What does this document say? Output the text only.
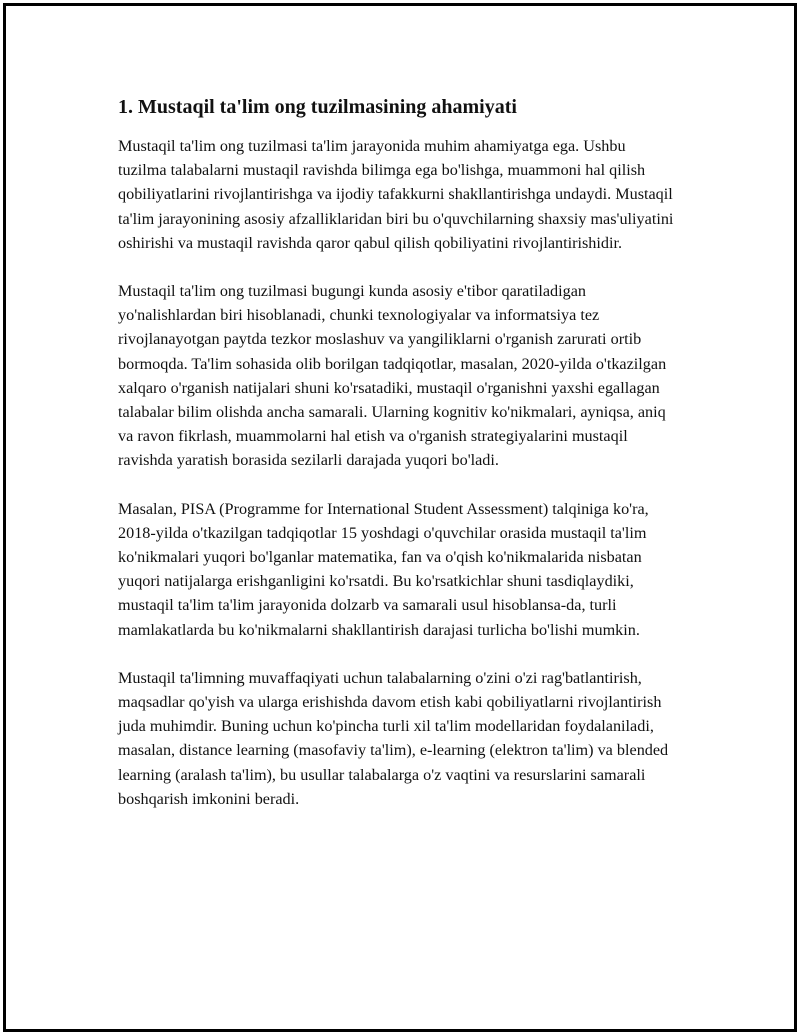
1. Mustaqil ta'lim ong tuzilmasining ahamiyati

Mustaqil ta'lim ong tuzilmasi ta'lim jarayonida muhim ahamiyatga ega. Ushbu tuzilma talabalarni mustaqil ravishda bilimga ega bo'lishga, muammoni hal qilish qobiliyatlarini rivojlantirishga va ijodiy tafakkurni shakllantirishga undaydi. Mustaqil ta'lim jarayonining asosiy afzalliklaridan biri bu o'quvchilarning shaxsiy mas'uliyatini oshirishi va mustaqil ravishda qaror qabul qilish qobiliyatini rivojlantirishidir.

Mustaqil ta'lim ong tuzilmasi bugungi kunda asosiy e'tibor qaratiladigan yo'nalishlardan biri hisoblanadi, chunki texnologiyalar va informatsiya tez rivojlanayotgan paytda tezkor moslashuv va yangiliklarni o'rganish zarurati ortib bormoqda. Ta'lim sohasida olib borilgan tadqiqotlar, masalan, 2020-yilda o'tkazilgan xalqaro o'rganish natijalari shuni ko'rsatadiki, mustaqil o'rganishni yaxshi egallagan talabalar bilim olishda ancha samarali. Ularning kognitiv ko'nikmalari, ayniqsa, aniq va ravon fikrlash, muammolarni hal etish va o'rganish strategiyalarini mustaqil ravishda yaratish borasida sezilarli darajada yuqori bo'ladi.

Masalan, PISA (Programme for International Student Assessment) talqiniga ko'ra, 2018-yilda o'tkazilgan tadqiqotlar 15 yoshdagi o'quvchilar orasida mustaqil ta'lim ko'nikmalari yuqori bo'lganlar matematika, fan va o'qish ko'nikmalarida nisbatan yuqori natijalarga erishganligini ko'rsatdi. Bu ko'rsatkichlar shuni tasdiqlaydiki, mustaqil ta'lim ta'lim jarayonida dolzarb va samarali usul hisoblansa-da, turli mamlakatlarda bu ko'nikmalarni shakllantirish darajasi turlicha bo'lishi mumkin.

Mustaqil ta'limning muvaffaqiyati uchun talabalarning o'zini o'zi rag'batlantirish, maqsadlar qo'yish va ularga erishishda davom etish kabi qobiliyatlarni rivojlantirish juda muhimdir. Buning uchun ko'pincha turli xil ta'lim modellaridan foydalaniladi, masalan, distance learning (masofaviy ta'lim), e-learning (elektron ta'lim) va blended learning (aralash ta'lim), bu usullar talabalarga o'z vaqtini va resurslarini samarali boshqarish imkonini beradi.
